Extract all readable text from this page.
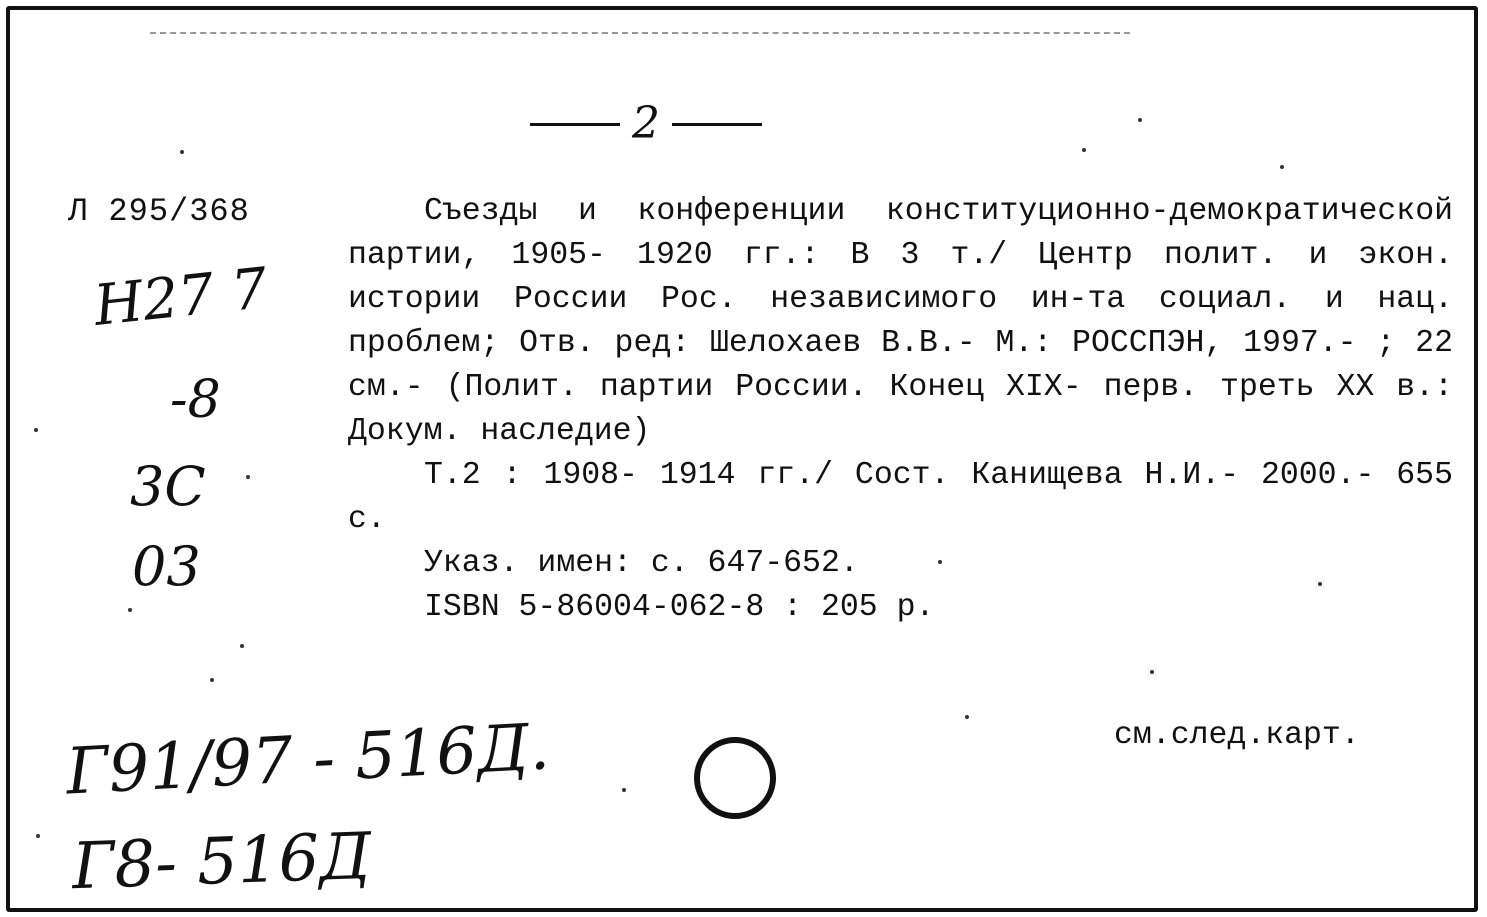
2
Л 295/368	Съезды и конференции конституционно-демократической партии, 1905- 1920 гг.: В 3 т./ Центр полит. и экон. истории России Рос. независимого ин-та социал. и нац. проблем; Отв. ред: Шелохаев В.В.- М.: РОССПЭН, 1997.- ; 22 см.- (Полит. партии России. Конец XIX- перв. треть XX в.: Докум. наследие)

Т.2 : 1908- 1914 гг./ Сост. Канищева Н.И.- 2000.- 655 с.

Указ. имен: с. 647-652.

ISBN 5-86004-062-8 : 205 р.

Н27 7
-8
3С
03
Г91/97 - 516Д.
Г8- 516Д
см.след.карт.
